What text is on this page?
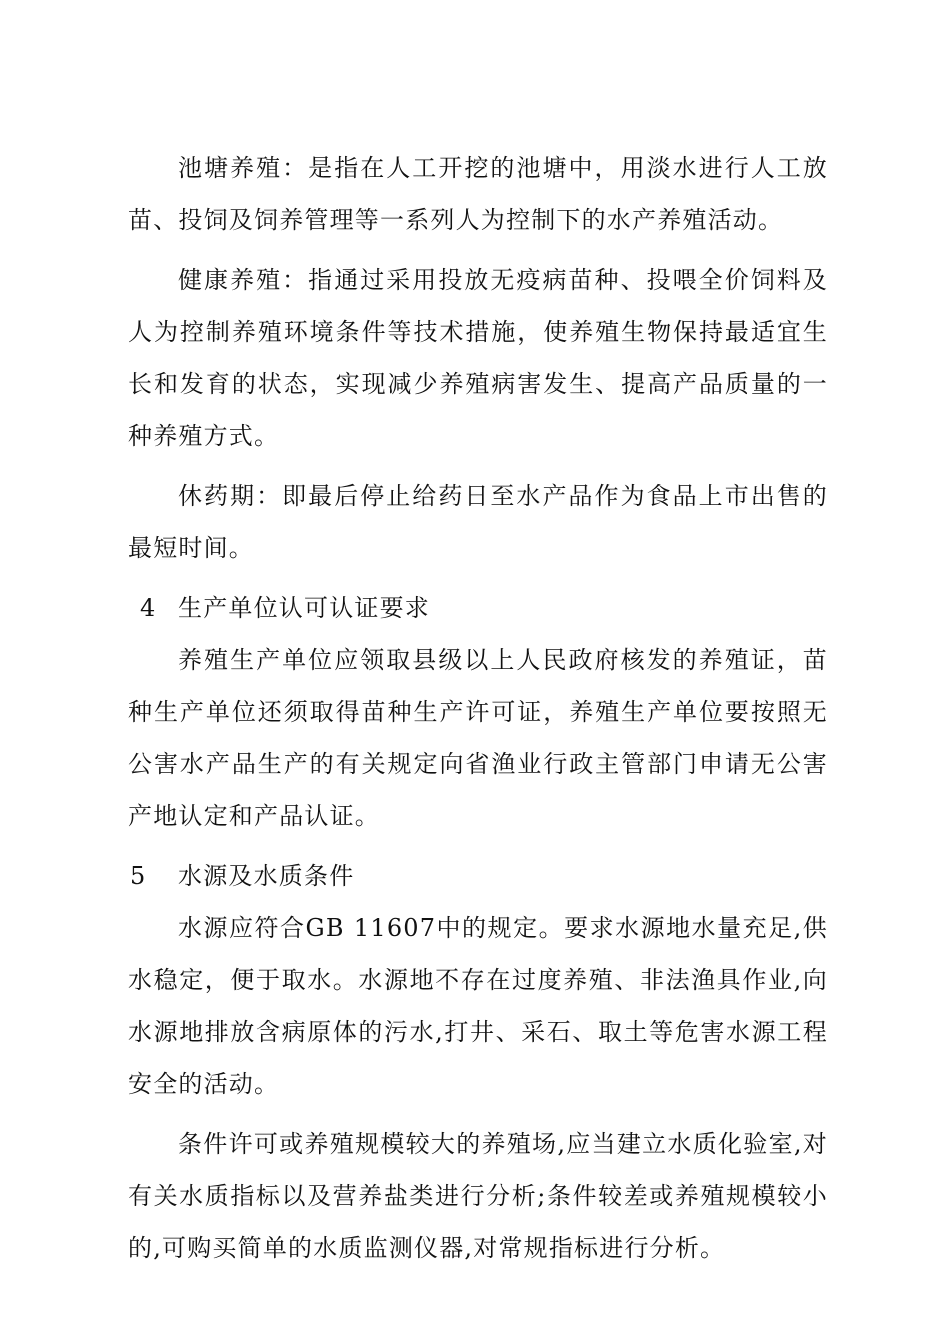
池塘养殖：是指在人工开挖的池塘中，用淡水进行人工放苗、投饲及饲养管理等一系列人为控制下的水产养殖活动。

健康养殖：指通过采用投放无疫病苗种、投喂全价饲料及人为控制养殖环境条件等技术措施，使养殖生物保持最适宜生长和发育的状态，实现减少养殖病害发生、提高产品质量的一种养殖方式。

休药期：即最后停止给药日至水产品作为食品上市出售的最短时间。

4 生产单位认可认证要求

养殖生产单位应领取县级以上人民政府核发的养殖证，苗种生产单位还须取得苗种生产许可证，养殖生产单位要按照无公害水产品生产的有关规定向省渔业行政主管部门申请无公害产地认定和产品认证。

5	水源及水质条件

水源应符合GB 11607中的规定。要求水源地水量充足,供水稳定，便于取水。水源地不存在过度养殖、非法渔具作业,向水源地排放含病原体的污水,打井、采石、取土等危害水源工程安全的活动。

条件许可或养殖规模较大的养殖场,应当建立水质化验室,对有关水质指标以及营养盐类进行分析;条件较差或养殖规模较小的,可购买简单的水质监测仪器,对常规指标进行分析。
